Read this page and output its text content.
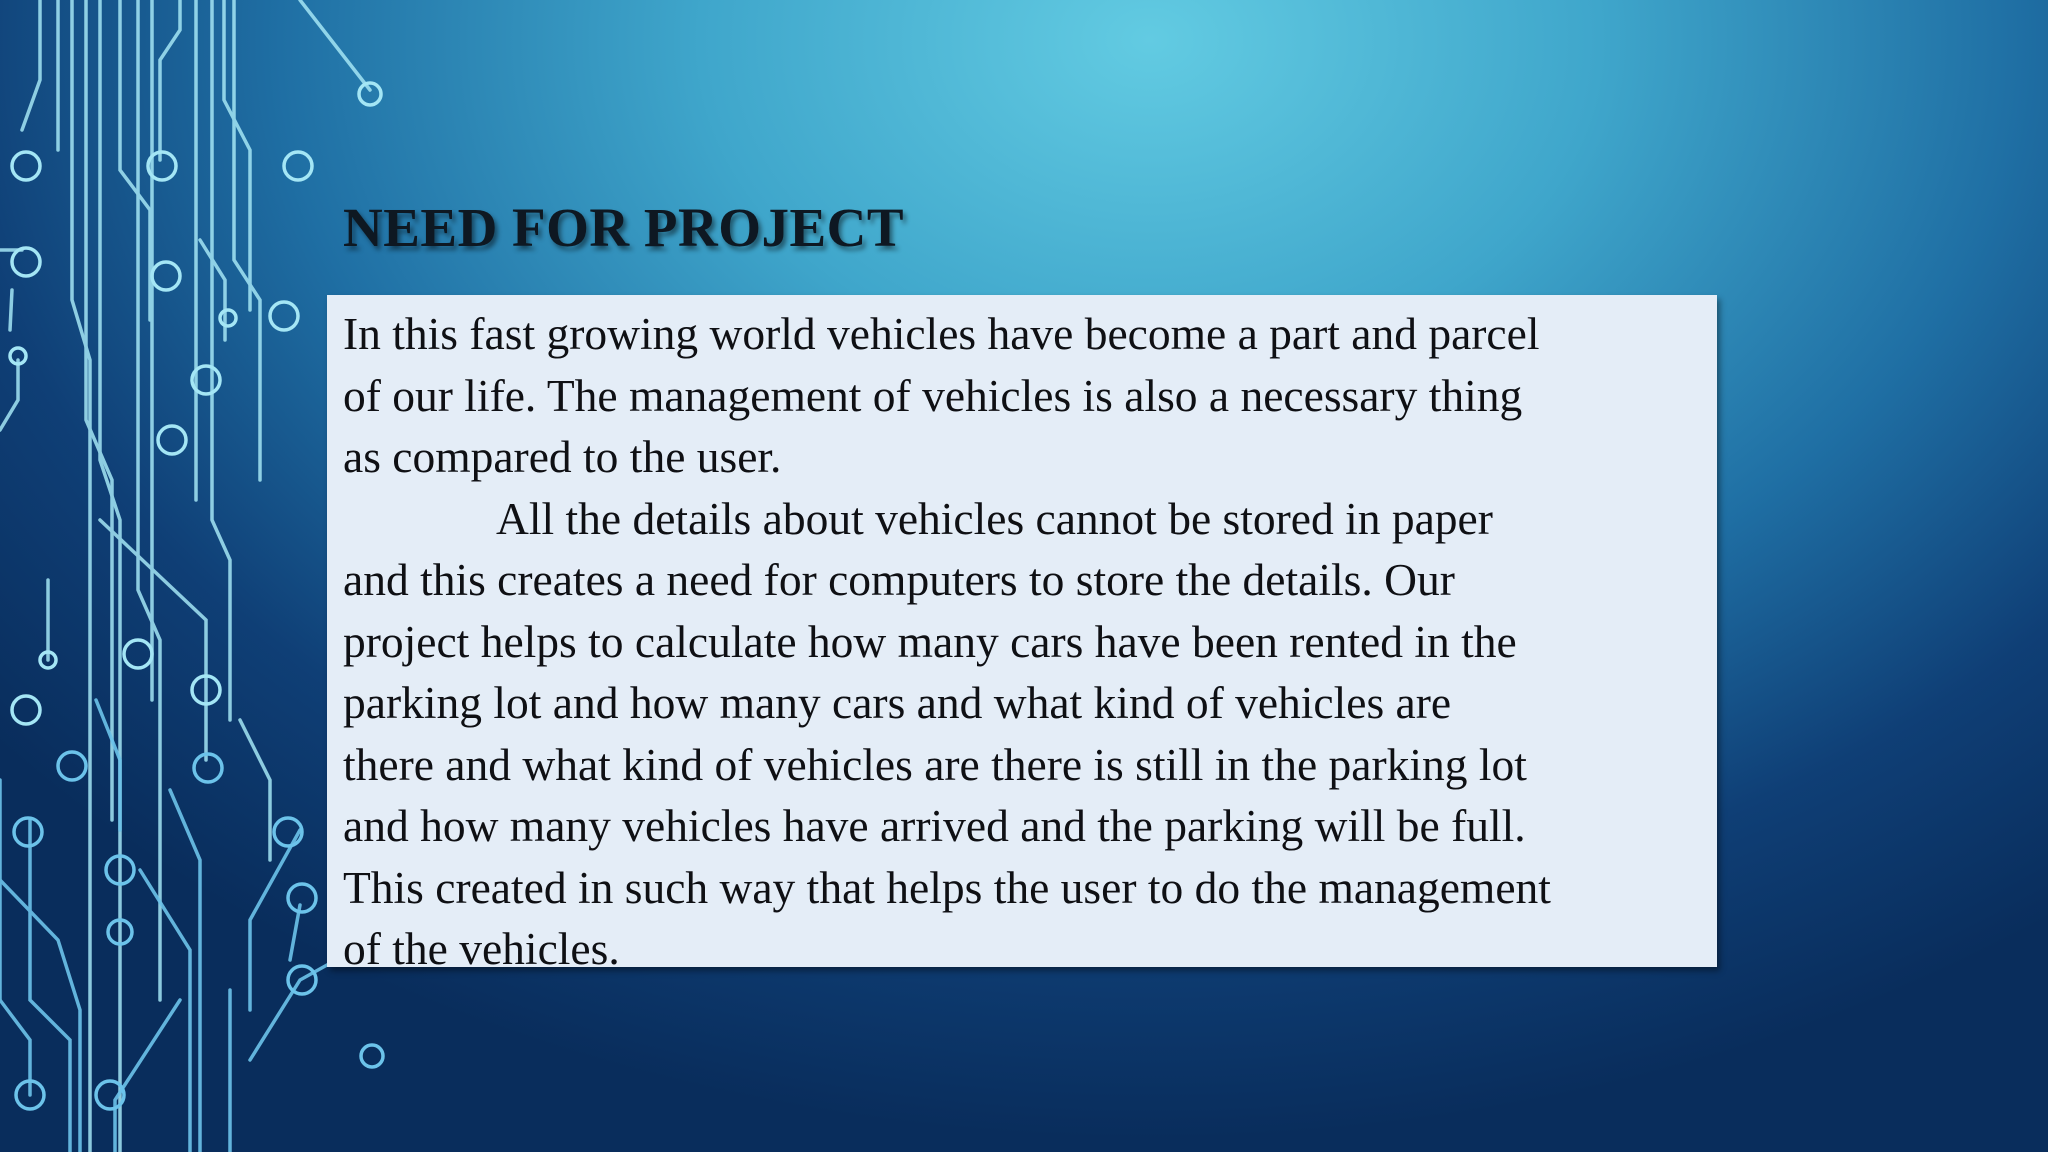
NEED FOR PROJECT

In this fast growing world vehicles have become a part and parcel

of our life. The management of vehicles is also a necessary thing

as compared to the user.

All the details about vehicles cannot be stored in paper

and this creates a need for computers to store the details. Our

project helps to calculate how many cars have been rented in the

parking lot and how many cars and what kind of vehicles are

there and what kind of vehicles are there is still in the parking lot

and how many vehicles have arrived and the parking will be full.

This created in such way that helps the user to do the management

of the vehicles.
